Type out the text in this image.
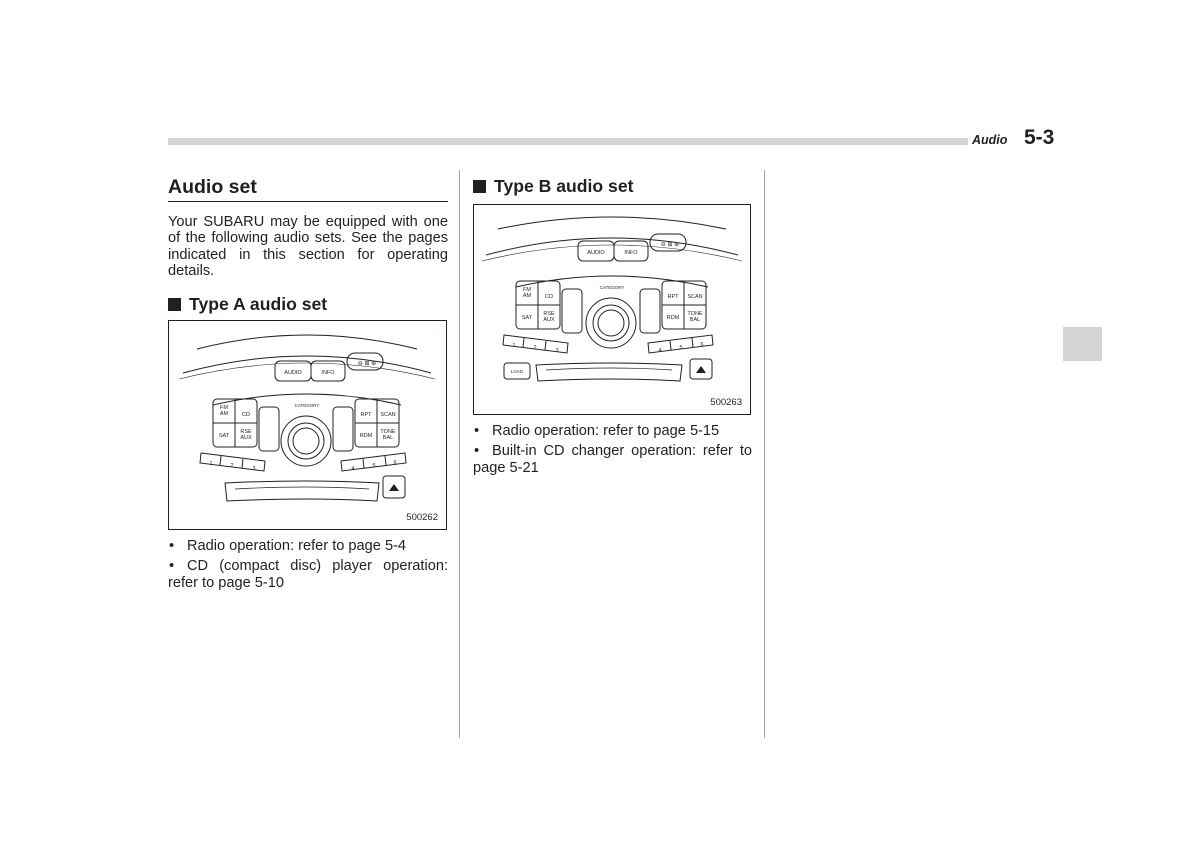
Audio 5-3
Audio set

Your SUBARU may be equipped with one of the following audio sets. See the pages indicated in this section for operating details.

Type A audio set
AUDIO	INFO
⊖ ⊞ ⊕
CATEGORY
FM
AM	CD
SAT
RSE
AUX
RPT SCAN
RDM
TONE
BAL
1	2	3	4	5	6
500262
• Radio operation: refer to page 5-4
• CD (compact disc) player operation: refer to page 5-10
Type B audio set
AUDIO	INFO
⊖ ⊞ ⊕
CATEGORY
FM
AM	CD
SAT
RSE
AUX
RPT SCAN
RDM
TONE
BAL
1	2	3	4	5	6
LOAD
500263
• Radio operation: refer to page 5-15
• Built-in CD changer operation: refer to page 5-21
